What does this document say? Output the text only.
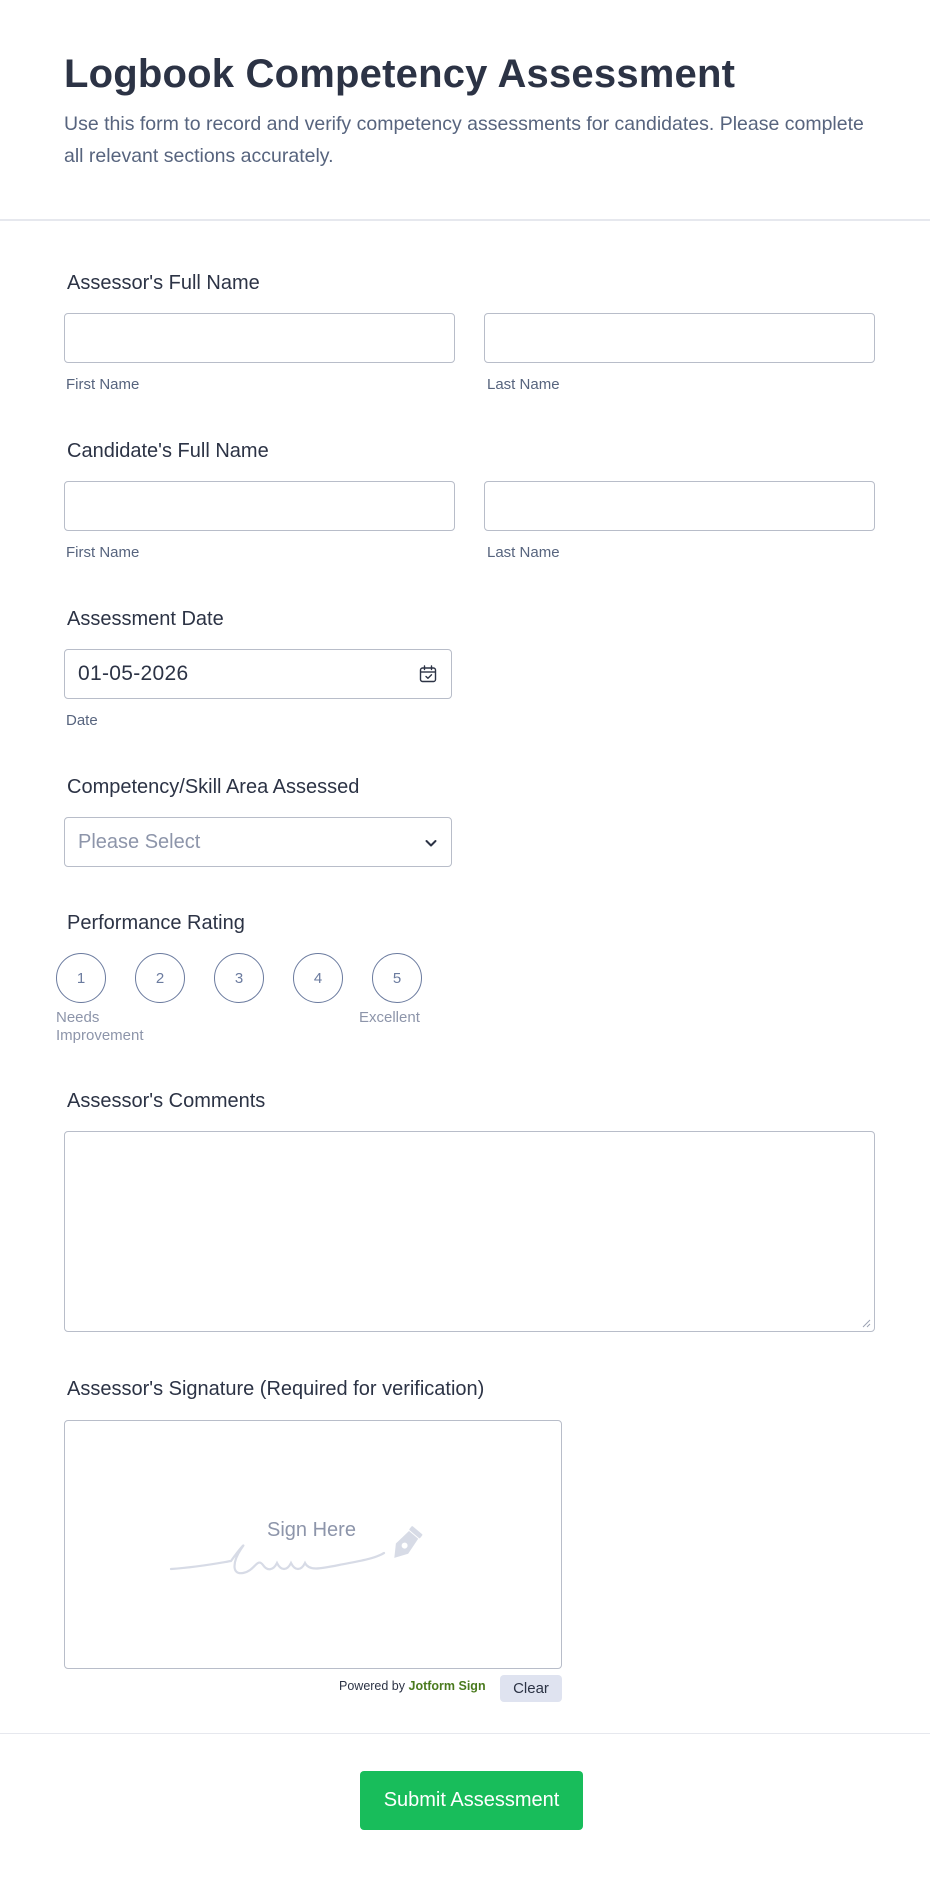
Logbook Competency Assessment

Use this form to record and verify competency assessments for candidates. Please complete all relevant sections accurately.

Assessor's Full Name
First Name	Last Name
Candidate's Full Name
First Name	Last Name
Assessment Date
01-05-2026
Date
Competency/Skill Area Assessed
Please Select
Performance Rating
1	2	3	4	5
Needs Improvement
Excellent
Assessor's Comments
Assessor's Signature (Required for verification)
Sign Here
Powered by Jotform Sign	Clear
Submit Assessment
